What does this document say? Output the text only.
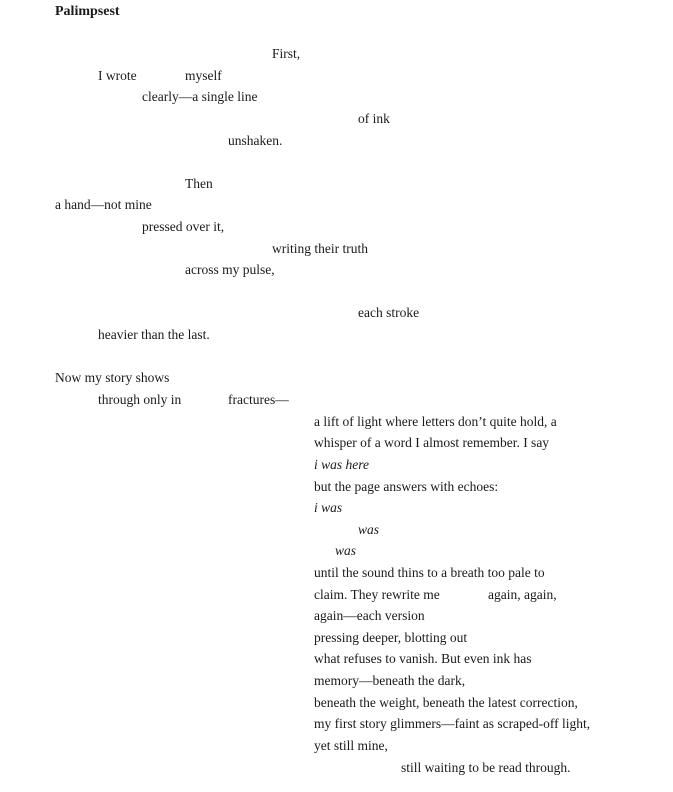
Palimpsest
First,
I wrote	myself
clearly—a single line
of ink
unshaken.
Then
a hand—not mine
pressed over it,
writing their truth
across my pulse,
each stroke
heavier than the last.
Now my story shows
through only in	fractures—
a lift of light where letters don’t quite hold, a
whisper of a word I almost remember. I say
i was here
but the page answers with echoes:
i was
was
was
until the sound thins to a breath too pale to
claim. They rewrite me	again, again,
again—each version
pressing deeper, blotting out
what refuses to vanish. But even ink has
memory—beneath the dark,
beneath the weight, beneath the latest correction,
my first story glimmers—faint as scraped-off light,
yet still mine,
still waiting to be read through.
